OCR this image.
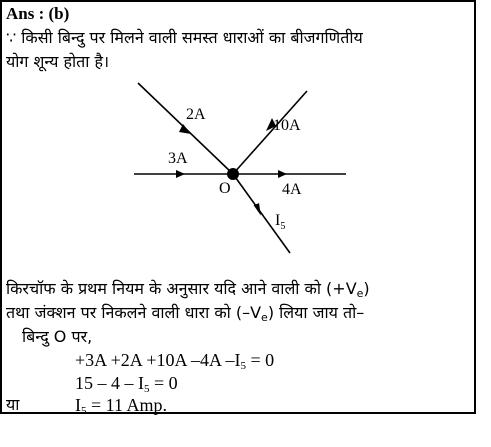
Ans : (b)
∵ किसी बिन्दु पर मिलने वाली समस्त धाराओं का बीजगणितीय
योग शून्य होता है।
2A
10A
3A
4A
O
$I_5$
किरचॉफ के प्रथम नियम के अनुसार यदि आने वाली को $(+V_e)$
तथा जंक्शन पर निकलने वाली धारा को $(-V_e)$ लिया जाय तो–
बिन्दु O पर,
+3A +2A +10A –4A $-I_5 = 0$
$15 - 4 - I_5 = 0$
या	$I_5 = 11$ Amp.
